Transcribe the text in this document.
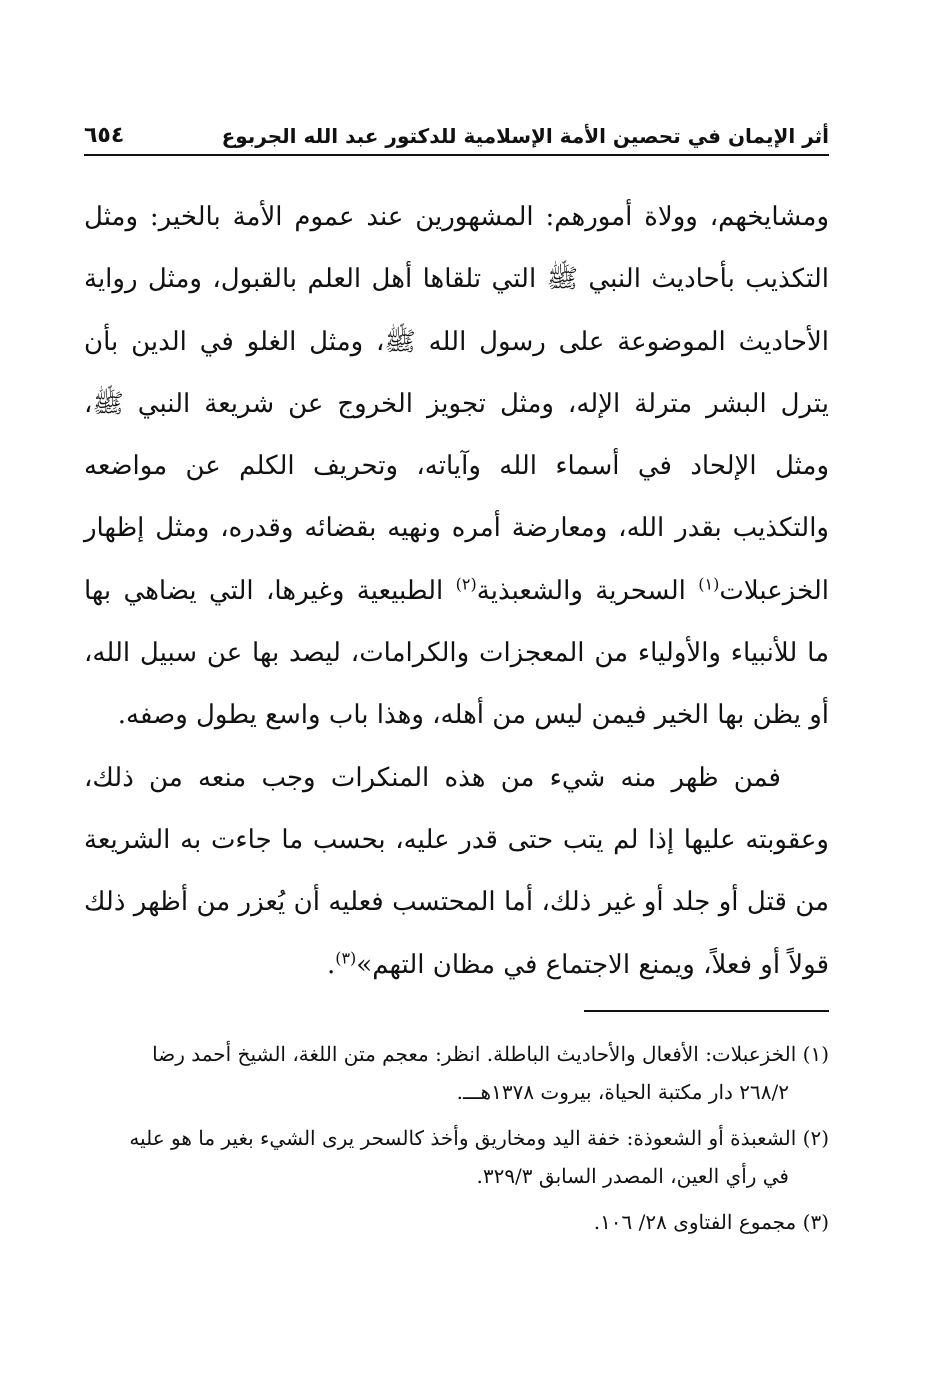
أثر الإيمان في تحصين الأمة الإسلامية للدكتور عبد الله الجربوع
٦٥٤

ومشايخهم، وولاة أمورهم: المشهورين عند عموم الأمة بالخير: ومثل التكذيب بأحاديث النبي ﷺ التي تلقاها أهل العلم بالقبول، ومثل رواية الأحاديث الموضوعة على رسول الله ﷺ، ومثل الغلو في الدين بأن يترل البشر مترلة الإله، ومثل تجويز الخروج عن شريعة النبي ﷺ، ومثل الإلحاد في أسماء الله وآياته، وتحريف الكلم عن مواضعه والتكذيب بقدر الله، ومعارضة أمره ونهيه بقضائه وقدره، ومثل إظهار الخزعبلات$^{(١)}$ السحرية والشعبذية$^{(٢)}$ الطبيعية وغيرها، التي يضاهي بها ما للأنبياء والأولياء من المعجزات والكرامات، ليصد بها عن سبيل الله، أو يظن بها الخير فيمن ليس من أهله، وهذا باب واسع يطول وصفه.

فمن ظهر منه شيء من هذه المنكرات وجب منعه من ذلك، وعقوبته عليها إذا لم يتب حتى قدر عليه، بحسب ما جاءت به الشريعة من قتل أو جلد أو غير ذلك، أما المحتسب فعليه أن يُعزر من أظهر ذلك قولاً أو فعلاً، ويمنع الاجتماع في مظان التهم»$^{(٣)}$.

(١) الخزعبلات: الأفعال والأحاديث الباطلة. انظر: معجم متن اللغة، الشيخ أحمد رضا
٢٦٨/٢ دار مكتبة الحياة، بيروت ١٣٧٨هـــ.

(٢) الشعبذة أو الشعوذة: خفة اليد ومخاريق وأخذ كالسحر يرى الشيء بغير ما هو عليه
في رأي العين، المصدر السابق ٣٢٩/٣.

(٣) مجموع الفتاوى ٢٨/ ١٠٦.
